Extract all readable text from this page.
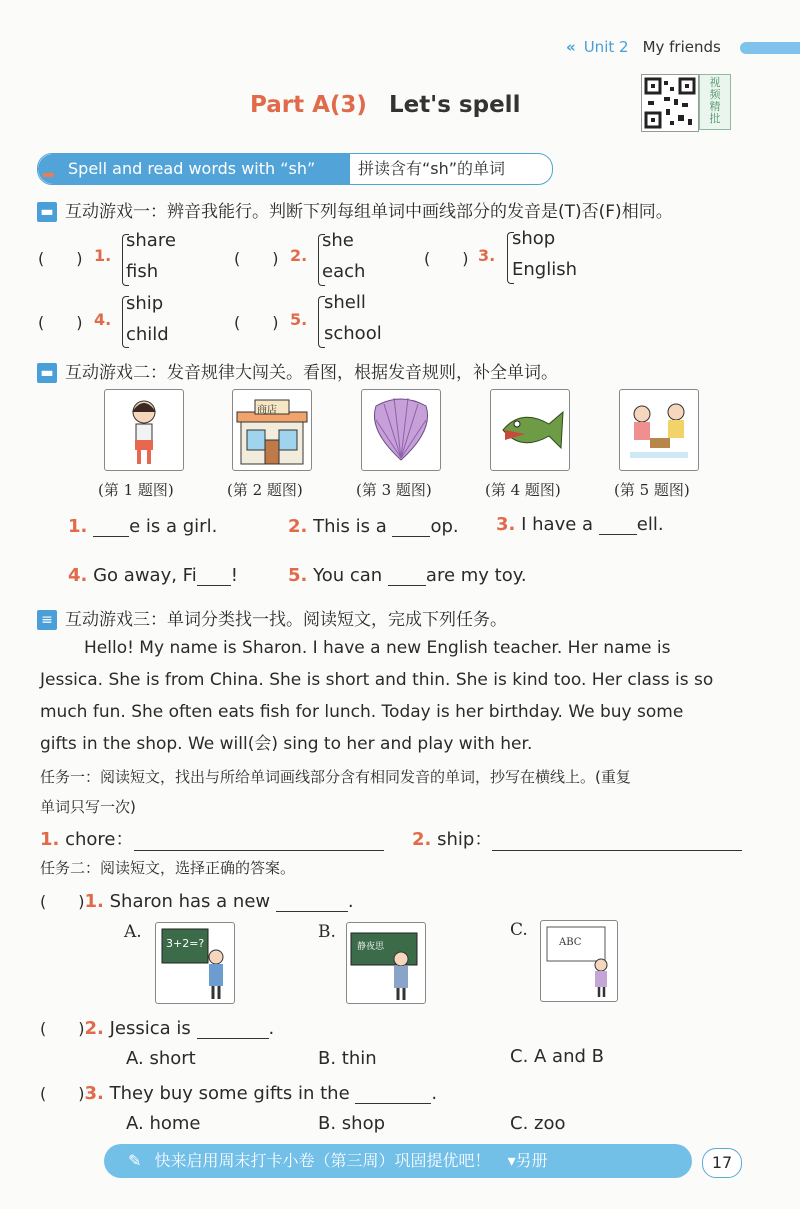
« Unit 2 My friends
Part A(3) Let's spell
视
频
精
批
➦ Spell and read words with “sh”	拼读含有“sh”的单词
▬ 互动游戏一：辨音我能行。判断下列每组单词中画线部分的发音是(T)否(F)相同。
(　　) 1.
share
fish
(　　) 2.
she
each
(　　) 3.
shop
English
(　　) 4.
ship
child
(　　) 5.
shell
school
▬ 互动游戏二：发音规律大闯关。看图，根据发音规则，补全单词。
商店
(第 1 题图)	(第 2 题图)	(第 3 题图)	(第 4 题图)	(第 5 题图)
1. e is a girl.	2. This is a op. 3. I have a ell.
4. Go away, Fi !	5. You can are my toy.
≡ 互动游戏三：单词分类找一找。阅读短文，完成下列任务。
Hello! My name is Sharon. I have a new English teacher. Her name is
Jessica. She is from China. She is short and thin. She is kind too. Her class is so
much fun. She often eats fish for lunch. Today is her birthday. We buy some
gifts in the shop. We will(会) sing to her and play with her.
任务一：阅读短文，找出与所给单词画线部分含有相同发音的单词，抄写在横线上。(重复
单词只写一次)
1. chore：	2. ship：
任务二：阅读短文，选择正确的答案。
(　　)1. Sharon has a new	.
A.
3+2=?
B.
静夜思
C.
ABC
(　　)2. Jessica is	.
A. short	B. thin	C. A and B
(　　)3. They buy some gifts in the	.
A. home	B. shop	C. zoo
✎ 快来启用周末打卡小卷（第三周）巩固提优吧！ ▾另册	17
